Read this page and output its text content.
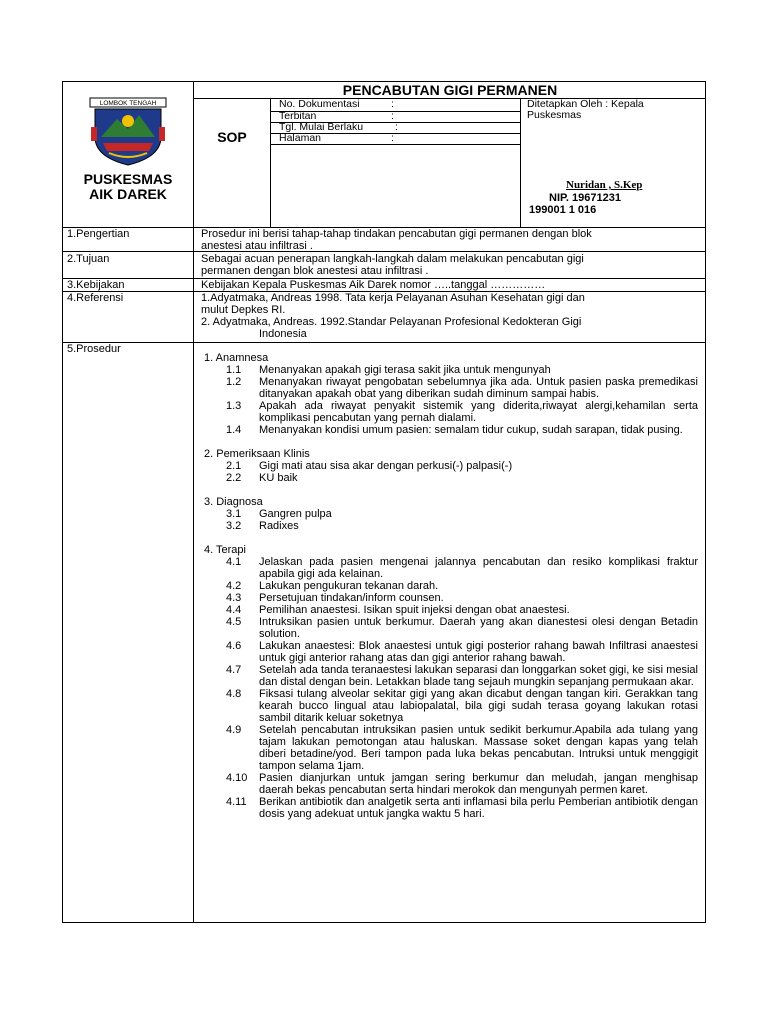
LOMBOK TENGAH
PUSKESMAS
AIK DAREK
PENCABUTAN GIGI PERMANEN
SOP
No. Dokumentasi	:
Terbitan	:
Tgl. Mulai Berlaku	:
Halaman	:
Ditetapkan Oleh : Kepala
Puskesmas
Nuridan , S.Kep
NIP. 19671231
199001 1 016
1.Pengertian	Prosedur ini berisi tahap-tahap tindakan pencabutan gigi permanen dengan blok

anestesi atau infiltrasi .

2.Tujuan	Sebagai acuan penerapan langkah-langkah dalam melakukan pencabutan gigi

permanen dengan blok anestesi atau infiltrasi .

3.Kebijakan	Kebijakan Kepala Puskesmas Aik Darek nomor …..tanggal ……………
4.Referensi	1.Adyatmaka, Andreas 1998. Tata kerja Pelayanan Asuhan Kesehatan gigi dan

mulut Depkes RI.

2. Adyatmaka, Andreas. 1992.Standar Pelayanan Profesional Kedokteran Gigi

Indonesia

5.Prosedur

1. Anamnesa

1.1	Menanyakan apakah gigi terasa sakit jika untuk mengunyah
1.2	Menanyakan riwayat pengobatan sebelumnya jika ada. Untuk pasien paska premedikasi ditanyakan apakah obat yang diberikan sudah diminum sampai habis.
1.3	Apakah ada riwayat penyakit sistemik yang diderita,riwayat alergi,kehamilan serta komplikasi pencabutan yang pernah dialami.
1.4	Menanyakan kondisi umum pasien: semalam tidur cukup, sudah sarapan, tidak pusing.

2. Pemeriksaan Klinis

2.1	Gigi mati atau sisa akar dengan perkusi(-) palpasi(-)
2.2	KU baik

3. Diagnosa

3.1	Gangren pulpa
3.2	Radixes

4. Terapi

4.1	Jelaskan pada pasien mengenai jalannya pencabutan dan resiko komplikasi fraktur apabila gigi ada kelainan.
4.2	Lakukan pengukuran tekanan darah.
4.3	Persetujuan tindakan/inform counsen.
4.4	Pemilihan anaestesi. Isikan spuit injeksi dengan obat anaestesi.
4.5	Intruksikan pasien untuk berkumur. Daerah yang akan dianestesi olesi dengan Betadin solution.
4.6	Lakukan anaestesi: Blok anaestesi untuk gigi posterior rahang bawah Infiltrasi anaestesi untuk gigi anterior rahang atas dan gigi anterior rahang bawah.
4.7	Setelah ada tanda teranaestesi lakukan separasi dan longgarkan soket gigi, ke sisi mesial dan distal dengan bein. Letakkan blade tang sejauh mungkin sepanjang permukaan akar.
4.8	Fiksasi tulang alveolar sekitar gigi yang akan dicabut dengan tangan kiri. Gerakkan tang kearah bucco lingual atau labiopalatal, bila gigi sudah terasa goyang lakukan rotasi sambil ditarik keluar soketnya
4.9	Setelah pencabutan intruksikan pasien untuk sedikit berkumur.Apabila ada tulang yang tajam lakukan pemotongan atau haluskan. Massase soket dengan kapas yang telah diberi betadine/yod. Beri tampon pada luka bekas pencabutan. Intruksi untuk menggigit tampon selama 1jam.
4.10	Pasien dianjurkan untuk jamgan sering berkumur dan meludah, jangan menghisap daerah bekas pencabutan serta hindari merokok dan mengunyah permen karet.
4.11	Berikan antibiotik dan analgetik serta anti inflamasi bila perlu Pemberian antibiotik dengan dosis yang adekuat untuk jangka waktu 5 hari.
